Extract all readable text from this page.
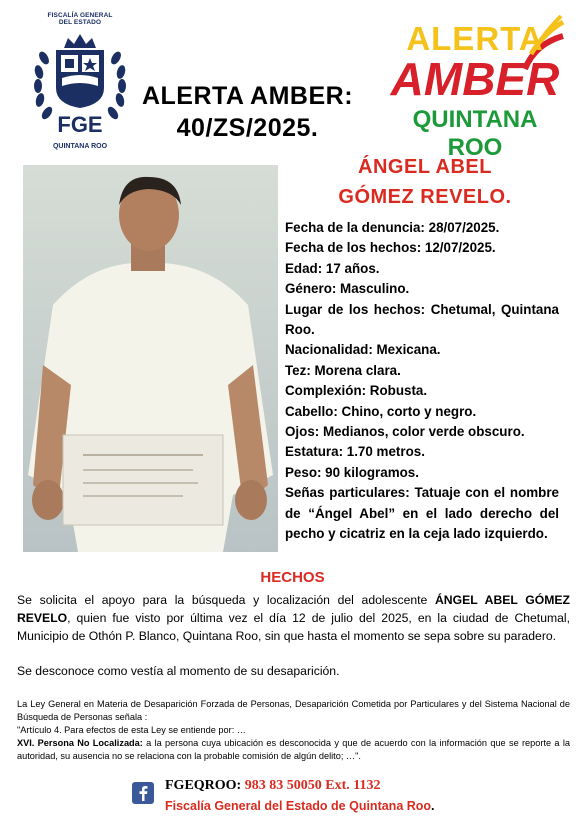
FISCALÍA GENERAL
DEL ESTADO
FGE
QUINTANA ROO
ALERTA AMBER:
40/ZS/2025.
ALERTA
AMBER
QUINTANA ROO
ÁNGEL ABEL
GÓMEZ REVELO.

Fecha de la denuncia: 28/07/2025.

Fecha de los hechos: 12/07/2025.

Edad: 17 años.

Género: Masculino.

Lugar de los hechos: Chetumal, Quintana Roo.

Nacionalidad: Mexicana.

Tez: Morena clara.

Complexión: Robusta.

Cabello: Chino, corto y negro.

Ojos: Medianos, color verde obscuro.

Estatura: 1.70 metros.

Peso: 90 kilogramos.

Señas particulares: Tatuaje con el nombre de “Ángel Abel” en el lado derecho del pecho y cicatriz en la ceja lado izquierdo.

HECHOS
Se solicita el apoyo para la búsqueda y localización del adolescente ÁNGEL ABEL GÓMEZ REVELO, quien fue visto por última vez el día 12 de julio del 2025, en la ciudad de Chetumal, Municipio de Othón P. Blanco, Quintana Roo, sin que hasta el momento se sepa sobre su paradero.
Se desconoce como vestía al momento de su desaparición.
La Ley General en Materia de Desaparición Forzada de Personas, Desaparición Cometida por Particulares y del Sistema Nacional de Búsqueda de Personas señala :
"Artículo 4. Para efectos de esta Ley se entiende por: …
XVI. Persona No Localizada: a la persona cuya ubicación es desconocida y que de acuerdo con la información que se reporte a la autoridad, su ausencia no se relaciona con la probable comisión de algún delito; …".
FGEQROO: 983 83 50050 Ext. 1132
Fiscalía General del Estado de Quintana Roo.
